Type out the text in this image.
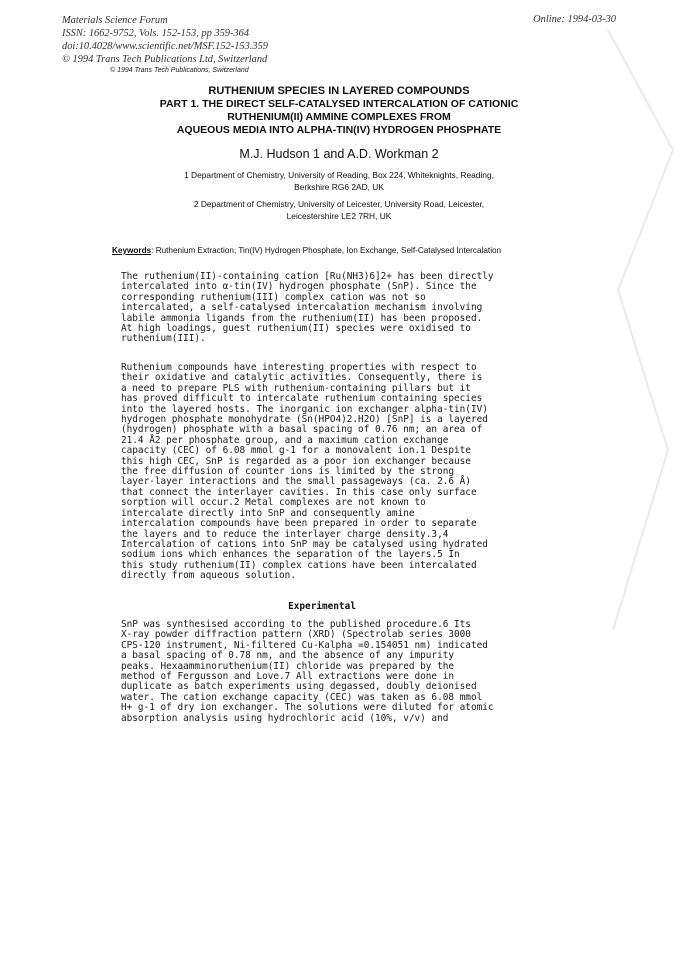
Materials Science Forum
ISSN: 1662-9752, Vols. 152-153, pp 359-364
doi:10.4028/www.scientific.net/MSF.152-153.359
© 1994 Trans Tech Publications Ltd, Switzerland
Online: 1994-03-30
© 1994 Trans Tech Publications, Switzerland
RUTHENIUM SPECIES IN LAYERED COMPOUNDS
PART 1. THE DIRECT SELF-CATALYSED INTERCALATION OF CATIONIC
RUTHENIUM(II) AMMINE COMPLEXES FROM
AQUEOUS MEDIA INTO ALPHA-TIN(IV) HYDROGEN PHOSPHATE
M.J. Hudson 1 and A.D. Workman 2
1 Department of Chemistry, University of Reading, Box 224, Whiteknights, Reading,
Berkshire RG6 2AD, UK
2 Department of Chemistry, University of Leicester, University Road, Leicester,
Leicestershire LE2 7RH, UK
Keywords: Ruthenium Extraction, Tin(IV) Hydrogen Phosphate, Ion Exchange, Self-Catalysed Intercalation
The ruthenium(II)-containing cation [Ru(NH3)6]2+ has been directly
intercalated into α-tin(IV) hydrogen phosphate (SnP). Since the
corresponding ruthenium(III) complex cation was not so
intercalated, a self-catalysed intercalation mechanism involving
labile ammonia ligands from the ruthenium(II) has been proposed.
At high loadings, guest ruthenium(II) species were oxidised to
ruthenium(III).
Ruthenium compounds have interesting properties with respect to
their oxidative and catalytic activities. Consequently, there is
a need to prepare PLS with ruthenium-containing pillars but it
has proved difficult to intercalate ruthenium containing species
into the layered hosts. The inorganic ion exchanger alpha-tin(IV)
hydrogen phosphate monohydrate (Sn(HPO4)2.H2O) [SnP] is a layered
(hydrogen) phosphate with a basal spacing of 0.76 nm; an area of
21.4 Å2 per phosphate group, and a maximum cation exchange
capacity (CEC) of 6.08 mmol g-1 for a monovalent ion.1 Despite
this high CEC, SnP is regarded as a poor ion exchanger because
the free diffusion of counter ions is limited by the strong
layer-layer interactions and the small passageways (ca. 2.6 Å)
that connect the interlayer cavities. In this case only surface
sorption will occur.2 Metal complexes are not known to
intercalate directly into SnP and consequently amine
intercalation compounds have been prepared in order to separate
the layers and to reduce the interlayer charge density.3,4
Intercalation of cations into SnP may be catalysed using hydrated
sodium ions which enhances the separation of the layers.5 In
this study ruthenium(II) complex cations have been intercalated
directly from aqueous solution.
Experimental
SnP was synthesised according to the published procedure.6 Its
X-ray powder diffraction pattern (XRD) (Spectrolab series 3000
CPS-120 instrument, Ni-filtered Cu-Kalpha =0.154051 nm) indicated
a basal spacing of 0.78 nm, and the absence of any impurity
peaks. Hexaamminoruthenium(II) chloride was prepared by the
method of Fergusson and Love.7 All extractions were done in
duplicate as batch experiments using degassed, doubly deionised
water. The cation exchange capacity (CEC) was taken as 6.08 mmol
H+ g-1 of dry ion exchanger. The solutions were diluted for atomic
absorption analysis using hydrochloric acid (10%, v/v) and
